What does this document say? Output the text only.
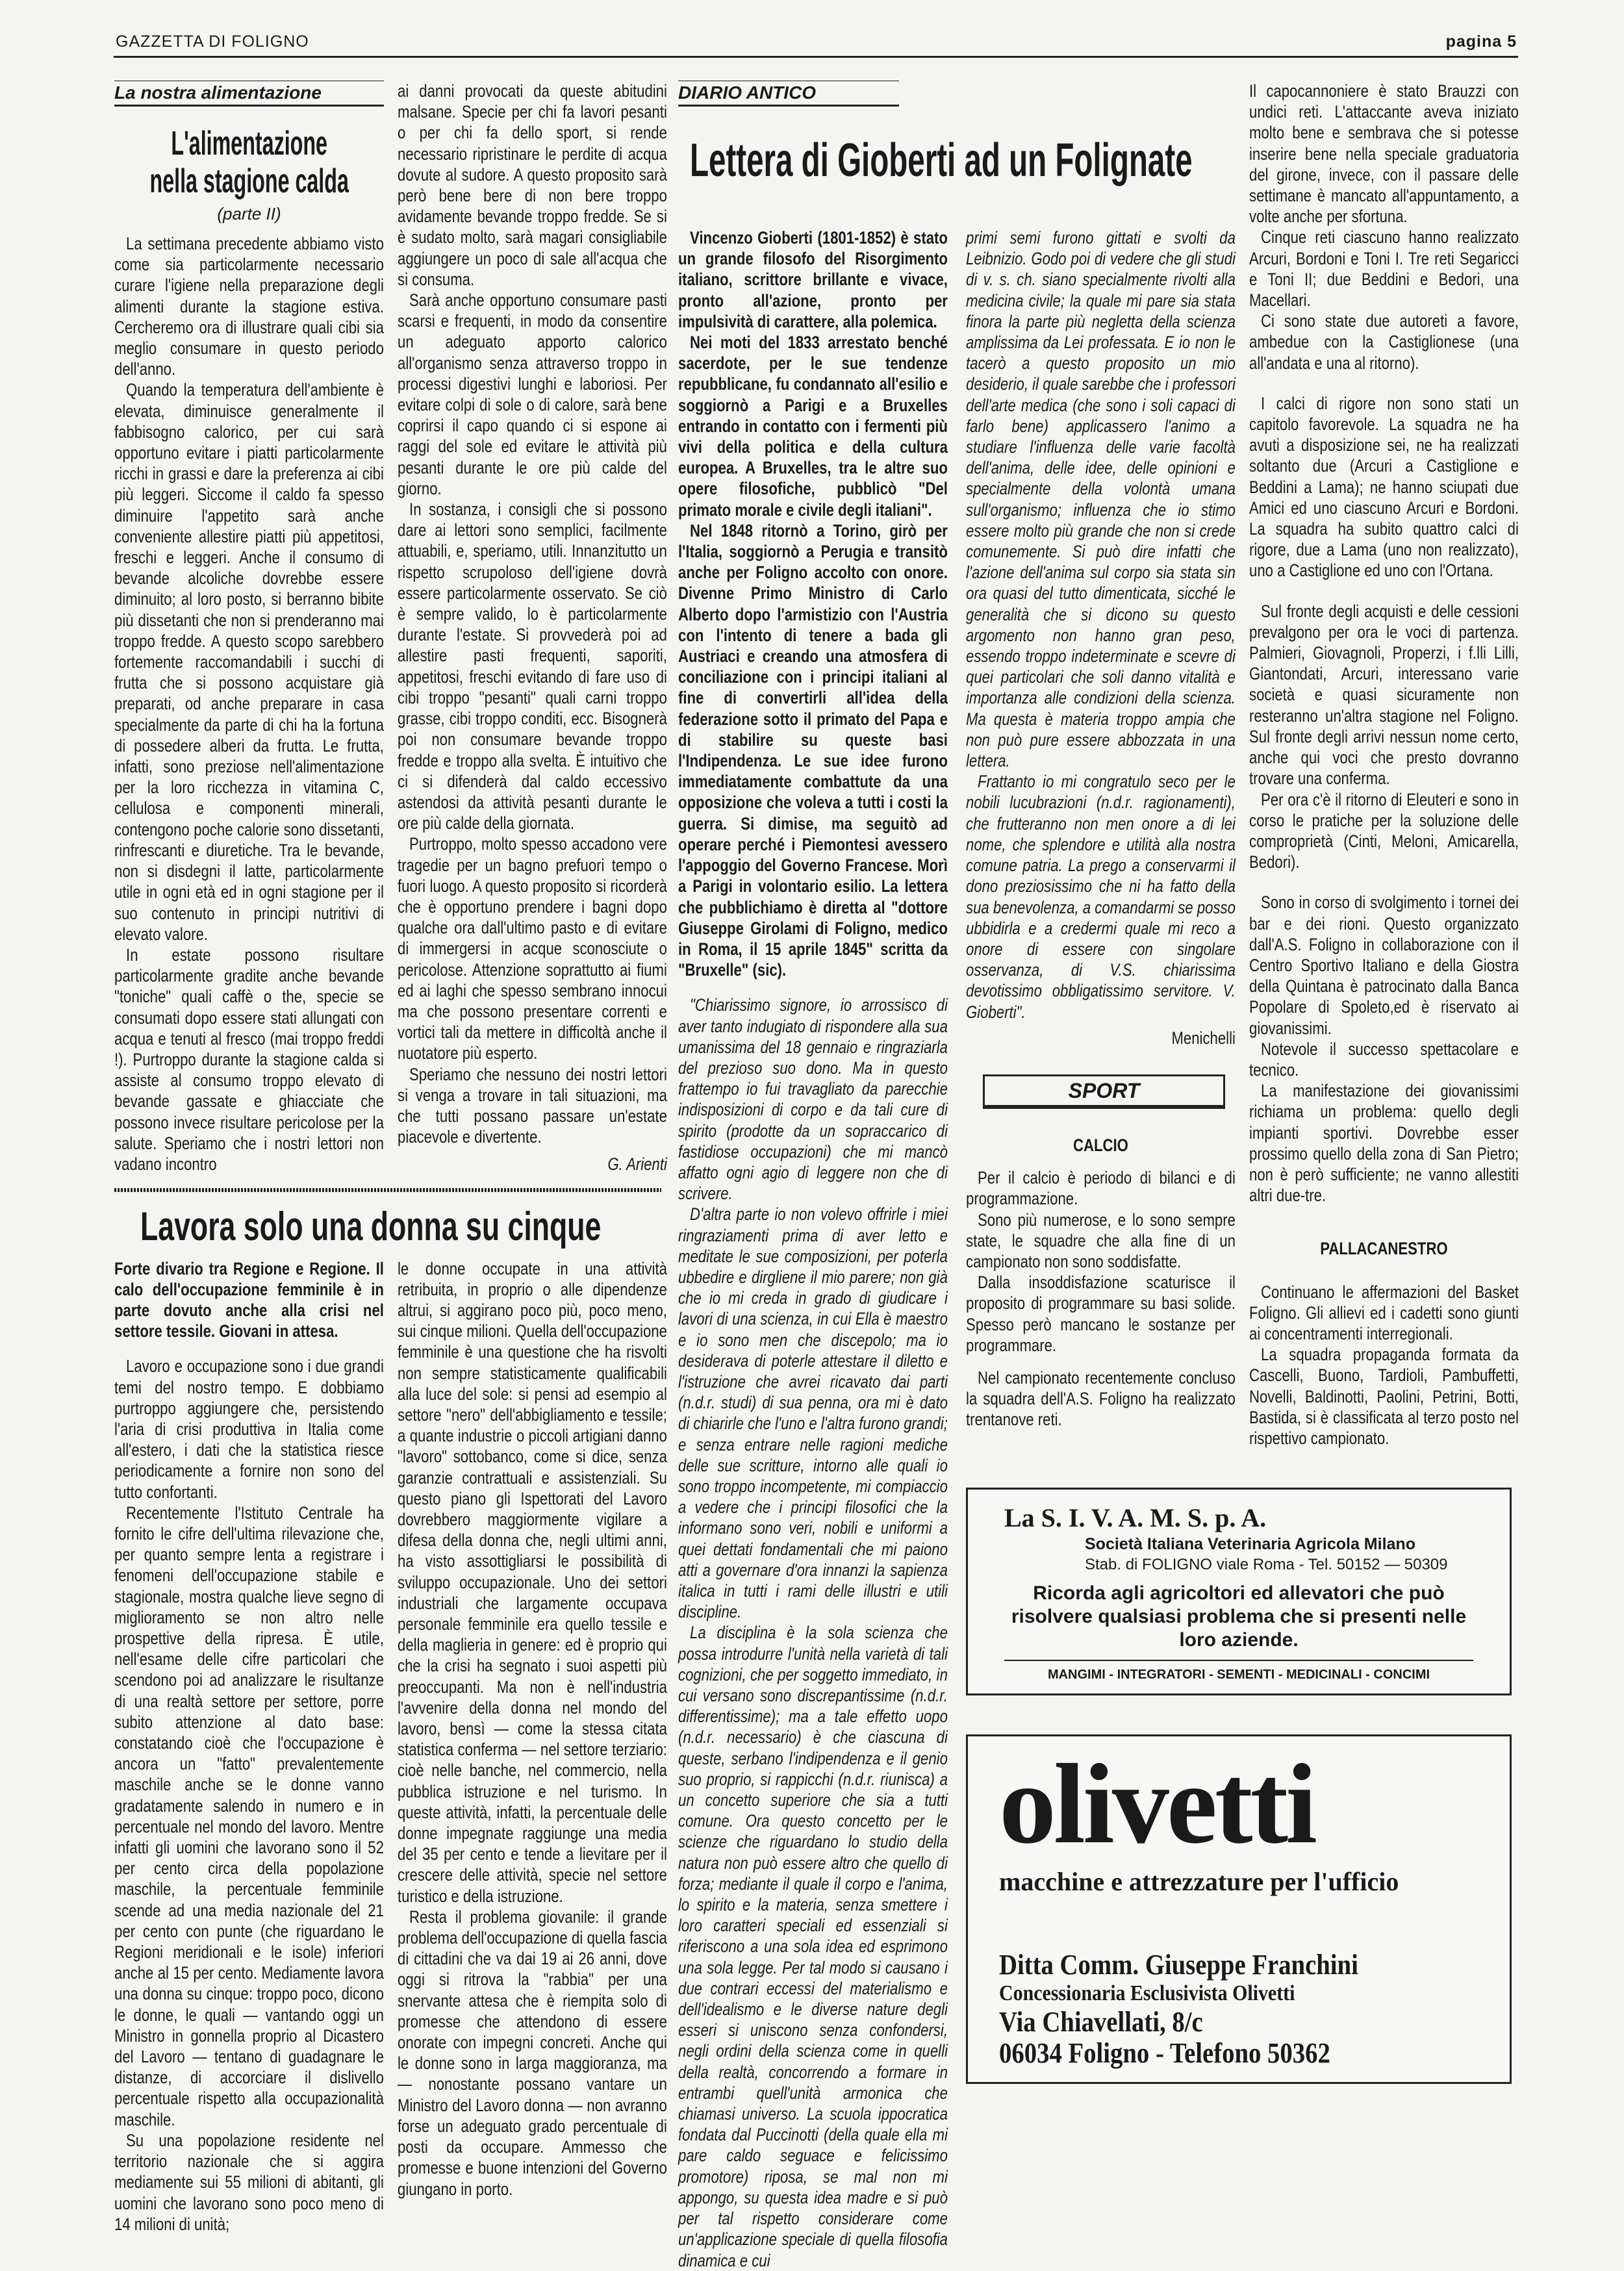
GAZZETTA DI FOLIGNO	pagina 5
La nostra alimentazione
L'alimentazione
nella stagione calda
(parte II)

La settimana precedente abbiamo visto come sia particolarmente necessario curare l'igiene nella preparazione degli alimenti durante la stagione estiva. Cercheremo ora di illustrare quali cibi sia meglio consumare in questo periodo dell'anno.

Quando la temperatura dell'ambiente è elevata, diminuisce generalmente il fabbisogno calorico, per cui sarà opportuno evitare i piatti particolarmente ricchi in grassi e dare la preferenza ai cibi più leggeri. Siccome il caldo fa spesso diminuire l'appetito sarà anche conveniente allestire piatti più appetitosi, freschi e leggeri. Anche il consumo di bevande alcoliche dovrebbe essere diminuito; al loro posto, si berranno bibite più dissetanti che non si prenderanno mai troppo fredde. A questo scopo sarebbero fortemente raccomandabili i succhi di frutta che si possono acquistare già preparati, od anche preparare in casa specialmente da parte di chi ha la fortuna di possedere alberi da frutta. Le frutta, infatti, sono preziose nell'alimentazione per la loro ricchezza in vitamina C, cellulosa e componenti minerali, contengono poche calorie sono dissetanti, rinfrescanti e diuretiche. Tra le bevande, non si disdegni il latte, particolarmente utile in ogni età ed in ogni stagione per il suo contenuto in principi nutritivi di elevato valore.

In estate possono risultare particolarmente gradite anche bevande "toniche" quali caffè o the, specie se consumati dopo essere stati allungati con acqua e tenuti al fresco (mai troppo freddi !). Purtroppo durante la stagione calda si assiste al consumo troppo elevato di bevande gassate e ghiacciate che possono invece risultare pericolose per la salute. Speriamo che i nostri lettori non vadano incontro

ai danni provocati da queste abitudini malsane. Specie per chi fa lavori pesanti o per chi fa dello sport, si rende necessario ripristinare le perdite di acqua dovute al sudore. A questo proposito sarà però bene bere di non bere troppo avidamente bevande troppo fredde. Se si è sudato molto, sarà magari consigliabile aggiungere un poco di sale all'acqua che si consuma.

Sarà anche opportuno consumare pasti scarsi e frequenti, in modo da consentire un adeguato apporto calorico all'organismo senza attraverso troppo in processi digestivi lunghi e laboriosi. Per evitare colpi di sole o di calore, sarà bene coprirsi il capo quando ci si espone ai raggi del sole ed evitare le attività più pesanti durante le ore più calde del giorno.

In sostanza, i consigli che si possono dare ai lettori sono semplici, facilmente attuabili, e, speriamo, utili. Innanzitutto un rispetto scrupoloso dell'igiene dovrà essere particolarmente osservato. Se ciò è sempre valido, lo è particolarmente durante l'estate. Si provvederà poi ad allestire pasti frequenti, saporiti, appetitosi, freschi evitando di fare uso di cibi troppo "pesanti" quali carni troppo grasse, cibi troppo conditi, ecc. Bisognerà poi non consumare bevande troppo fredde e troppo alla svelta. È intuitivo che ci si difenderà dal caldo eccessivo astendosi da attività pesanti durante le ore più calde della giornata.

Purtroppo, molto spesso accadono vere tragedie per un bagno prefuori tempo o fuori luogo. A questo proposito si ricorderà che è opportuno prendere i bagni dopo qualche ora dall'ultimo pasto e di evitare di immergersi in acque sconosciute o pericolose. Attenzione soprattutto ai fiumi ed ai laghi che spesso sembrano innocui ma che possono presentare correnti e vortici tali da mettere in difficoltà anche il nuotatore più esperto.

Speriamo che nessuno dei nostri lettori si venga a trovare in tali situazioni, ma che tutti possano passare un'estate piacevole e divertente.

G. Arienti
Lavora solo una donna su cinque

Forte divario tra Regione e Regione. Il calo dell'occupazione femminile è in parte dovuto anche alla crisi nel settore tessile. Giovani in attesa.

Lavoro e occupazione sono i due grandi temi del nostro tempo. E dobbiamo purtroppo aggiungere che, persistendo l'aria di crisi produttiva in Italia come all'estero, i dati che la statistica riesce periodicamente a fornire non sono del tutto confortanti.

Recentemente l'Istituto Centrale ha fornito le cifre dell'ultima rilevazione che, per quanto sempre lenta a registrare i fenomeni dell'occupazione stabile e stagionale, mostra qualche lieve segno di miglioramento se non altro nelle prospettive della ripresa. È utile, nell'esame delle cifre particolari che scendono poi ad analizzare le risultanze di una realtà settore per settore, porre subito attenzione al dato base: constatando cioè che l'occupazione è ancora un "fatto" prevalentemente maschile anche se le donne vanno gradatamente salendo in numero e in percentuale nel mondo del lavoro. Mentre infatti gli uomini che lavorano sono il 52 per cento circa della popolazione maschile, la percentuale femminile scende ad una media nazionale del 21 per cento con punte (che riguardano le Regioni meridionali e le isole) inferiori anche al 15 per cento. Mediamente lavora una donna su cinque: troppo poco, dicono le donne, le quali — vantando oggi un Ministro in gonnella proprio al Dicastero del Lavoro — tentano di guadagnare le distanze, di accorciare il dislivello percentuale rispetto alla occupazionalità maschile.

Su una popolazione residente nel territorio nazionale che si aggira mediamente sui 55 milioni di abitanti, gli uomini che lavorano sono poco meno di 14 milioni di unità;

le donne occupate in una attività retribuita, in proprio o alle dipendenze altrui, si aggirano poco più, poco meno, sui cinque milioni. Quella dell'occupazione femminile è una questione che ha risvolti non sempre statisticamente qualificabili alla luce del sole: si pensi ad esempio al settore "nero" dell'abbigliamento e tessile; a quante industrie o piccoli artigiani danno "lavoro" sottobanco, come si dice, senza garanzie contrattuali e assistenziali. Su questo piano gli Ispettorati del Lavoro dovrebbero maggiormente vigilare a difesa della donna che, negli ultimi anni, ha visto assottigliarsi le possibilità di sviluppo occupazionale. Uno dei settori industriali che largamente occupava personale femminile era quello tessile e della maglieria in genere: ed è proprio qui che la crisi ha segnato i suoi aspetti più preoccupanti. Ma non è nell'industria l'avvenire della donna nel mondo del lavoro, bensì — come la stessa citata statistica conferma — nel settore terziario: cioè nelle banche, nel commercio, nella pubblica istruzione e nel turismo. In queste attività, infatti, la percentuale delle donne impegnate raggiunge una media del 35 per cento e tende a lievitare per il crescere delle attività, specie nel settore turistico e della istruzione.

Resta il problema giovanile: il grande problema dell'occupazione di quella fascia di cittadini che va dai 19 ai 26 anni, dove oggi si ritrova la "rabbia" per una snervante attesa che è riempita solo di promesse che attendono di essere onorate con impegni concreti. Anche qui le donne sono in larga maggioranza, ma — nonostante possano vantare un Ministro del Lavoro donna — non avranno forse un adeguato grado percentuale di posti da occupare. Ammesso che promesse e buone intenzioni del Governo giungano in porto.

DIARIO ANTICO
Lettera di Gioberti ad un Folignate

Vincenzo Gioberti (1801-1852) è stato un grande filosofo del Risorgimento italiano, scrittore brillante e vivace, pronto all'azione, pronto per impulsività di carattere, alla polemica.

Nei moti del 1833 arrestato benché sacerdote, per le sue tendenze repubblicane, fu condannato all'esilio e soggiornò a Parigi e a Bruxelles entrando in contatto con i fermenti più vivi della politica e della cultura europea. A Bruxelles, tra le altre suo opere filosofiche, pubblicò "Del primato morale e civile degli italiani".

Nel 1848 ritornò a Torino, girò per l'Italia, soggiornò a Perugia e transitò anche per Foligno accolto con onore. Divenne Primo Ministro di Carlo Alberto dopo l'armistizio con l'Austria con l'intento di tenere a bada gli Austriaci e creando una atmosfera di conciliazione con i principi italiani al fine di convertirli all'idea della federazione sotto il primato del Papa e di stabilire su queste basi l'Indipendenza. Le sue idee furono immediatamente combattute da una opposizione che voleva a tutti i costi la guerra. Si dimise, ma seguitò ad operare perché i Piemontesi avessero l'appoggio del Governo Francese. Morì a Parigi in volontario esilio. La lettera che pubblichiamo è diretta al "dottore Giuseppe Girolami di Foligno, medico in Roma, il 15 aprile 1845" scritta da "Bruxelle" (sic).

"Chiarissimo signore, io arrossisco di aver tanto indugiato di rispondere alla sua umanissima del 18 gennaio e ringraziarla del prezioso suo dono. Ma in questo frattempo io fui travagliato da parecchie indisposizioni di corpo e da tali cure di spirito (prodotte da un sopraccarico di fastidiose occupazioni) che mi mancò affatto ogni agio di leggere non che di scrivere.

D'altra parte io non volevo offrirle i miei ringraziamenti prima di aver letto e meditate le sue composizioni, per poterla ubbedire e dirgliene il mio parere; non già che io mi creda in grado di giudicare i lavori di una scienza, in cui Ella è maestro e io sono men che discepolo; ma io desiderava di poterle attestare il diletto e l'istruzione che avrei ricavato dai parti (n.d.r. studi) di sua penna, ora mi è dato di chiarirle che l'uno e l'altra furono grandi; e senza entrare nelle ragioni mediche delle sue scritture, intorno alle quali io sono troppo incompetente, mi compiaccio a vedere che i principi filosofici che la informano sono veri, nobili e uniformi a quei dettati fondamentali che mi paiono atti a governare d'ora innanzi la sapienza italica in tutti i rami delle illustri e utili discipline.

La disciplina è la sola scienza che possa introdurre l'unità nella varietà di tali cognizioni, che per soggetto immediato, in cui versano sono discrepantissime (n.d.r. differentissime); ma a tale effetto uopo (n.d.r. necessario) è che ciascuna di queste, serbano l'indipendenza e il genio suo proprio, si rappicchi (n.d.r. riunisca) a un concetto superiore che sia a tutti comune. Ora questo concetto per le scienze che riguardano lo studio della natura non può essere altro che quello di forza; mediante il quale il corpo e l'anima, lo spirito e la materia, senza smettere i loro caratteri speciali ed essenziali si riferiscono a una sola idea ed esprimono una sola legge. Per tal modo si causano i due contrari eccessi del materialismo e dell'idealismo e le diverse nature degli esseri si uniscono senza confondersi, negli ordini della scienza come in quelli della realtà, concorrendo a formare in entrambi quell'unità armonica che chiamasi universo. La scuola ippocratica fondata dal Puccinotti (della quale ella mi pare caldo seguace e felicissimo promotore) riposa, se mal non mi appongo, su questa idea madre e si può per tal rispetto considerare come un'applicazione speciale di quella filosofia dinamica e cui

primi semi furono gittati e svolti da Leibnizio. Godo poi di vedere che gli studi di v. s. ch. siano specialmente rivolti alla medicina civile; la quale mi pare sia stata finora la parte più negletta della scienza amplissima da Lei professata. E io non le tacerò a questo proposito un mio desiderio, il quale sarebbe che i professori dell'arte medica (che sono i soli capaci di farlo bene) applicassero l'animo a studiare l'influenza delle varie facoltà dell'anima, delle idee, delle opinioni e specialmente della volontà umana sull'organismo; influenza che io stimo essere molto più grande che non si crede comunemente. Si può dire infatti che l'azione dell'anima sul corpo sia stata sin ora quasi del tutto dimenticata, sicché le generalità che si dicono su questo argomento non hanno gran peso, essendo troppo indeterminate e scevre di quei particolari che soli danno vitalità e importanza alle condizioni della scienza. Ma questa è materia troppo ampia che non può pure essere abbozzata in una lettera.

Frattanto io mi congratulo seco per le nobili lucubrazioni (n.d.r. ragionamenti), che frutteranno non men onore a di lei nome, che splendore e utilità alla nostra comune patria. La prego a conservarmi il dono preziosissimo che ni ha fatto della sua benevolenza, a comandarmi se posso ubbidirla e a credermi quale mi reco a onore di essere con singolare osservanza, di V.S. chiarissima devotissimo obbligatissimo servitore. V. Gioberti".

Menichelli
SPORT
CALCIO

Per il calcio è periodo di bilanci e di programmazione.

Sono più numerose, e lo sono sempre state, le squadre che alla fine di un campionato non sono soddisfatte.

Dalla insoddisfazione scaturisce il proposito di programmare su basi solide. Spesso però mancano le sostanze per programmare.

Nel campionato recentemente concluso la squadra dell'A.S. Foligno ha realizzato trentanove reti.

Il capocannoniere è stato Brauzzi con undici reti. L'attaccante aveva iniziato molto bene e sembrava che si potesse inserire bene nella speciale graduatoria del girone, invece, con il passare delle settimane è mancato all'appuntamento, a volte anche per sfortuna.

Cinque reti ciascuno hanno realizzato Arcuri, Bordoni e Toni I. Tre reti Segaricci e Toni II; due Beddini e Bedori, una Macellari.

Ci sono state due autoreti a favore, ambedue con la Castiglionese (una all'andata e una al ritorno).

I calci di rigore non sono stati un capitolo favorevole. La squadra ne ha avuti a disposizione sei, ne ha realizzati soltanto due (Arcuri a Castiglione e Beddini a Lama); ne hanno sciupati due Amici ed uno ciascuno Arcuri e Bordoni. La squadra ha subito quattro calci di rigore, due a Lama (uno non realizzato), uno a Castiglione ed uno con l'Ortana.

Sul fronte degli acquisti e delle cessioni prevalgono per ora le voci di partenza. Palmieri, Giovagnoli, Properzi, i f.lli Lilli, Giantondati, Arcuri, interessano varie società e quasi sicuramente non resteranno un'altra stagione nel Foligno. Sul fronte degli arrivi nessun nome certo, anche qui voci che presto dovranno trovare una conferma.

Per ora c'è il ritorno di Eleuteri e sono in corso le pratiche per la soluzione delle comproprietà (Cinti, Meloni, Amicarella, Bedori).

Sono in corso di svolgimento i tornei dei bar e dei rioni. Questo organizzato dall'A.S. Foligno in collaborazione con il Centro Sportivo Italiano e della Giostra della Quintana è patrocinato dalla Banca Popolare di Spoleto,ed è riservato ai giovanissimi.

Notevole il successo spettacolare e tecnico.

La manifestazione dei giovanissimi richiama un problema: quello degli impianti sportivi. Dovrebbe esser prossimo quello della zona di San Pietro; non è però sufficiente; ne vanno allestiti altri due-tre.

PALLACANESTRO

Continuano le affermazioni del Basket Foligno. Gli allievi ed i cadetti sono giunti ai concentramenti interregionali.

La squadra propaganda formata da Cascelli, Buono, Tardioli, Pambuffetti, Novelli, Baldinotti, Paolini, Petrini, Botti, Bastida, si è classificata al terzo posto nel rispettivo campionato.

La S. I. V. A. M. S. p. A.
Società Italiana Veterinaria Agricola Milano
Stab. di FOLIGNO viale Roma - Tel. 50152 — 50309
Ricorda agli agricoltori ed allevatori che può risolvere qualsiasi problema che si presenti nelle loro aziende.
MANGIMI - INTEGRATORI - SEMENTI - MEDICINALI - CONCIMI
olivetti
macchine e attrezzature per l'ufficio
Ditta Comm. Giuseppe Franchini
Concessionaria Esclusivista Olivetti
Via Chiavellati, 8/c
06034 Foligno - Telefono 50362
